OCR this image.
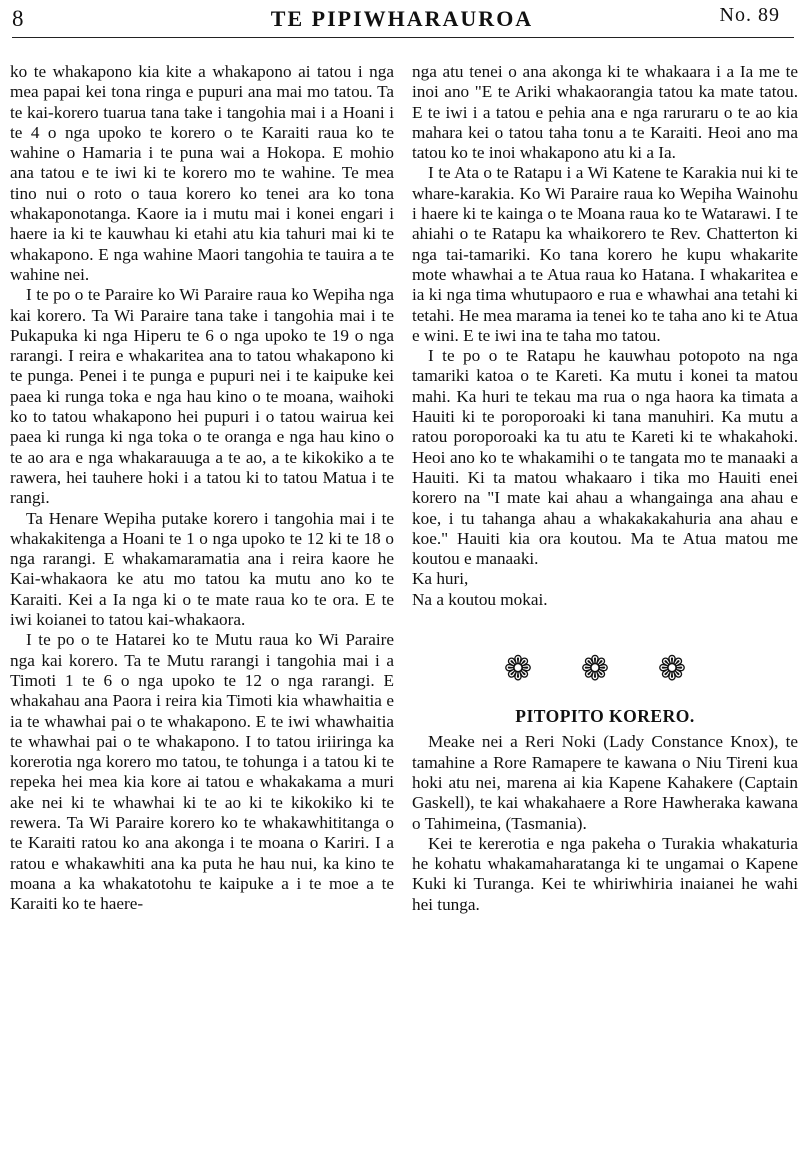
8	TE PIPIWHARAUROA	No. 89

ko te whakapono kia kite a whakapono ai tatou i nga mea papai kei tona ringa e pupuri ana mai mo tatou. Ta te kai-korero tuarua tana take i tangohia mai i a Hoani i te 4 o nga upoko te korero o te Karaiti raua ko te wahine o Hamaria i te puna wai a Hokopa. E mohio ana tatou e te iwi ki te korero mo te wahine. Te mea tino nui o roto o taua korero ko tenei ara ko tona whakaponotanga. Kaore ia i mutu mai i konei engari i haere ia ki te kauwhau ki etahi atu kia tahuri mai ki te whakapono. E nga wahine Maori tangohia te tauira a te wahine nei.

I te po o te Paraire ko Wi Paraire raua ko Wepiha nga kai korero. Ta Wi Paraire tana take i tangohia mai i te Pukapuka ki nga Hiperu te 6 o nga upoko te 19 o nga rarangi. I reira e whakaritea ana to tatou whakapono ki te punga. Penei i te punga e pupuri nei i te kaipuke kei paea ki runga toka e nga hau kino o te moana, waihoki ko to tatou whakapono hei pupuri i o tatou wairua kei paea ki runga ki nga toka o te oranga e nga hau kino o te ao ara e nga whakarauuga a te ao, a te kikokiko a te rawera, hei tauhere hoki i a tatou ki to tatou Matua i te rangi.

Ta Henare Wepiha putake korero i tangohia mai i te whakakitenga a Hoani te 1 o nga upoko te 12 ki te 18 o nga rarangi. E whakamaramatia ana i reira kaore he Kai-whakaora ke atu mo tatou ka mutu ano ko te Karaiti. Kei a Ia nga ki o te mate raua ko te ora. E te iwi koianei to tatou kai-whakaora.

I te po o te Hatarei ko te Mutu raua ko Wi Paraire nga kai korero. Ta te Mutu rarangi i tangohia mai i a Timoti 1 te 6 o nga upoko te 12 o nga rarangi. E whakahau ana Paora i reira kia Timoti kia whawhaitia e ia te whawhai pai o te whakapono. E te iwi whawhaitia te whawhai pai o te whakapono. I to tatou iriiringa ka korerotia nga korero mo tatou, te tohunga i a tatou ki te repeka hei mea kia kore ai tatou e whakakama a muri ake nei ki te whawhai ki te ao ki te kikokiko ki te rewera. Ta Wi Paraire korero ko te whakawhititanga o te Karaiti ratou ko ana akonga i te moana o Kariri. I a ratou e whakawhiti ana ka puta he hau nui, ka kino te moana a ka whakatotohu te kaipuke a i te moe a te Karaiti ko te haere-

nga atu tenei o ana akonga ki te whakaara i a Ia me te inoi ano "E te Ariki whakaorangia tatou ka mate tatou. E te iwi i a tatou e pehia ana e nga raruraru o te ao kia mahara kei o tatou taha tonu a te Karaiti. Heoi ano ma tatou ko te inoi whakapono atu ki a Ia.

I te Ata o te Ratapu i a Wi Katene te Karakia nui ki te whare-karakia. Ko Wi Paraire raua ko Wepiha Wainohu i haere ki te kainga o te Moana raua ko te Watarawi. I te ahiahi o te Ratapu ka whaikorero te Rev. Chatterton ki nga tai-tamariki. Ko tana korero he kupu whakarite mote whawhai a te Atua raua ko Hatana. I whakaritea e ia ki nga tima whutupaoro e rua e whawhai ana tetahi ki tetahi. He mea marama ia tenei ko te taha ano ki te Atua e wini. E te iwi ina te taha mo tatou.

I te po o te Ratapu he kauwhau potopoto na nga tamariki katoa o te Kareti. Ka mutu i konei ta matou mahi. Ka huri te tekau ma rua o nga haora ka timata a Hauiti ki te poroporoaki ki tana manuhiri. Ka mutu a ratou poroporoaki ka tu atu te Kareti ki te whakahoki. Heoi ano ko te whakamihi o te tangata mo te manaaki a Hauiti. Ki ta matou whakaaro i tika mo Hauiti enei korero na "I mate kai ahau a whangainga ana ahau e koe, i tu tahanga ahau a whakakakahuria ana ahau e koe." Hauiti kia ora koutou. Ma te Atua matou me koutou e manaaki.

Ka huri,

Na a koutou mokai.

❁ ❁ ❁
PITOPITO KORERO.

Meake nei a Reri Noki (Lady Constance Knox), te tamahine a Rore Ramapere te kawana o Niu Tireni kua hoki atu nei, marena ai kia Kapene Kahakere (Captain Gaskell), te kai whakahaere a Rore Hawheraka kawana o Tahimeina, (Tasmania).

Kei te kererotia e nga pakeha o Turakia whakaturia he kohatu whakamaharatanga ki te ungamai o Kapene Kuki ki Turanga. Kei te whiriwhiria inaianei he wahi hei tunga.
